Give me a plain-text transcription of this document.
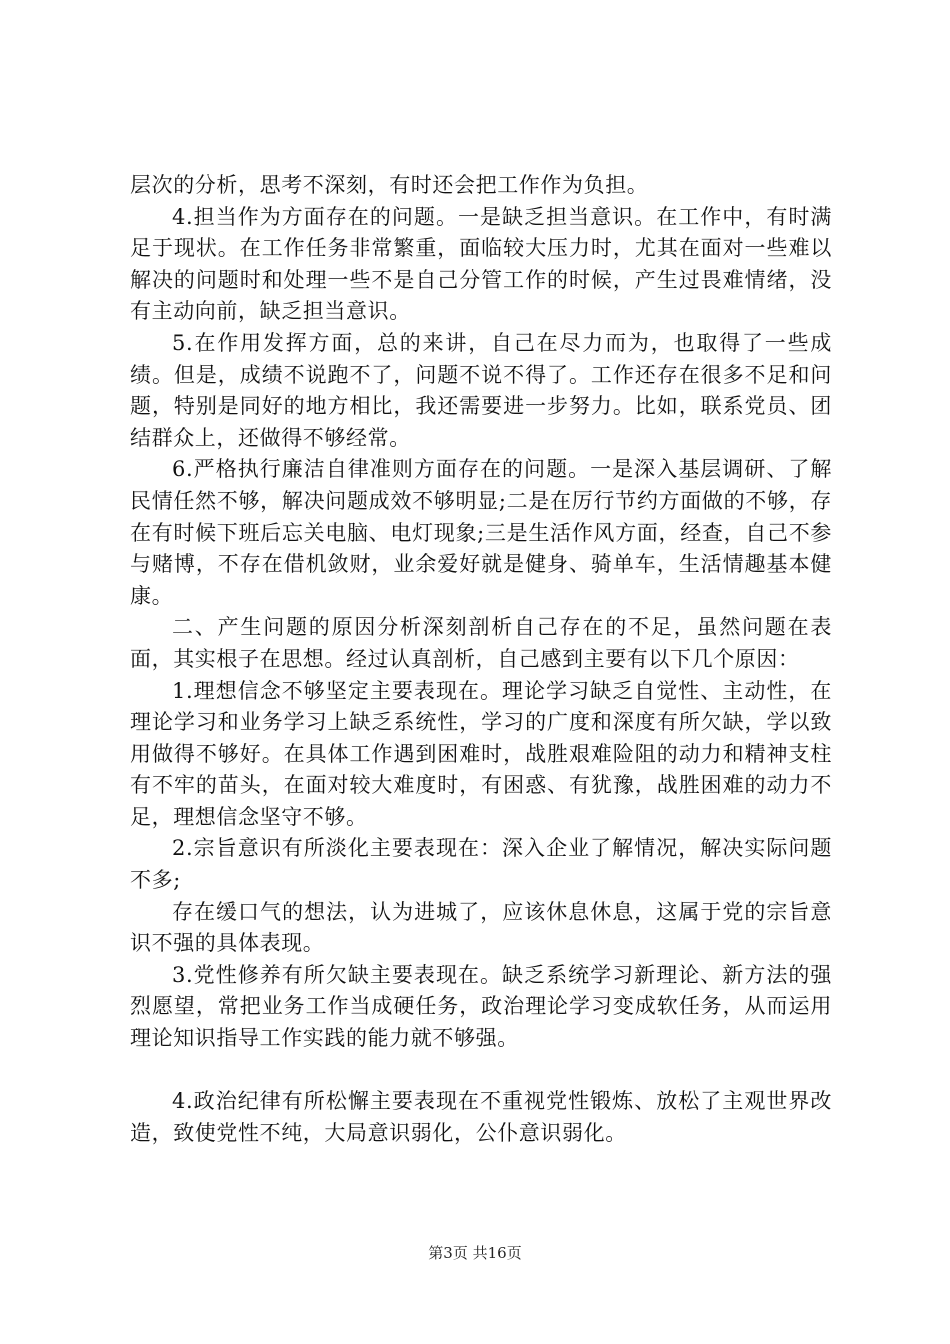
层次的分析，思考不深刻，有时还会把工作作为负担。

4.担当作为方面存在的问题。一是缺乏担当意识。在工作中，有时满足于现状。在工作任务非常繁重，面临较大压力时，尤其在面对一些难以解决的问题时和处理一些不是自己分管工作的时候，产生过畏难情绪，没有主动向前，缺乏担当意识。

5.在作用发挥方面，总的来讲，自己在尽力而为，也取得了一些成绩。但是，成绩不说跑不了，问题不说不得了。工作还存在很多不足和问题，特别是同好的地方相比，我还需要进一步努力。比如，联系党员、团结群众上，还做得不够经常。

6.严格执行廉洁自律准则方面存在的问题。一是深入基层调研、了解民情任然不够，解决问题成效不够明显;二是在厉行节约方面做的不够，存在有时候下班后忘关电脑、电灯现象;三是生活作风方面，经查，自己不参与赌博，不存在借机敛财，业余爱好就是健身、骑单车，生活情趣基本健康。

二、产生问题的原因分析深刻剖析自己存在的不足，虽然问题在表面，其实根子在思想。经过认真剖析，自己感到主要有以下几个原因：

1.理想信念不够坚定主要表现在。理论学习缺乏自觉性、主动性，在理论学习和业务学习上缺乏系统性，学习的广度和深度有所欠缺，学以致用做得不够好。在具体工作遇到困难时，战胜艰难险阻的动力和精神支柱有不牢的苗头，在面对较大难度时，有困惑、有犹豫，战胜困难的动力不足，理想信念坚守不够。

2.宗旨意识有所淡化主要表现在：深入企业了解情况，解决实际问题不多;

存在缓口气的想法，认为进城了，应该休息休息，这属于党的宗旨意识不强的具体表现。

3.党性修养有所欠缺主要表现在。缺乏系统学习新理论、新方法的强烈愿望，常把业务工作当成硬任务，政治理论学习变成软任务，从而运用理论知识指导工作实践的能力就不够强。

4.政治纪律有所松懈主要表现在不重视党性锻炼、放松了主观世界改造，致使党性不纯，大局意识弱化，公仆意识弱化。

第3页 共16页
